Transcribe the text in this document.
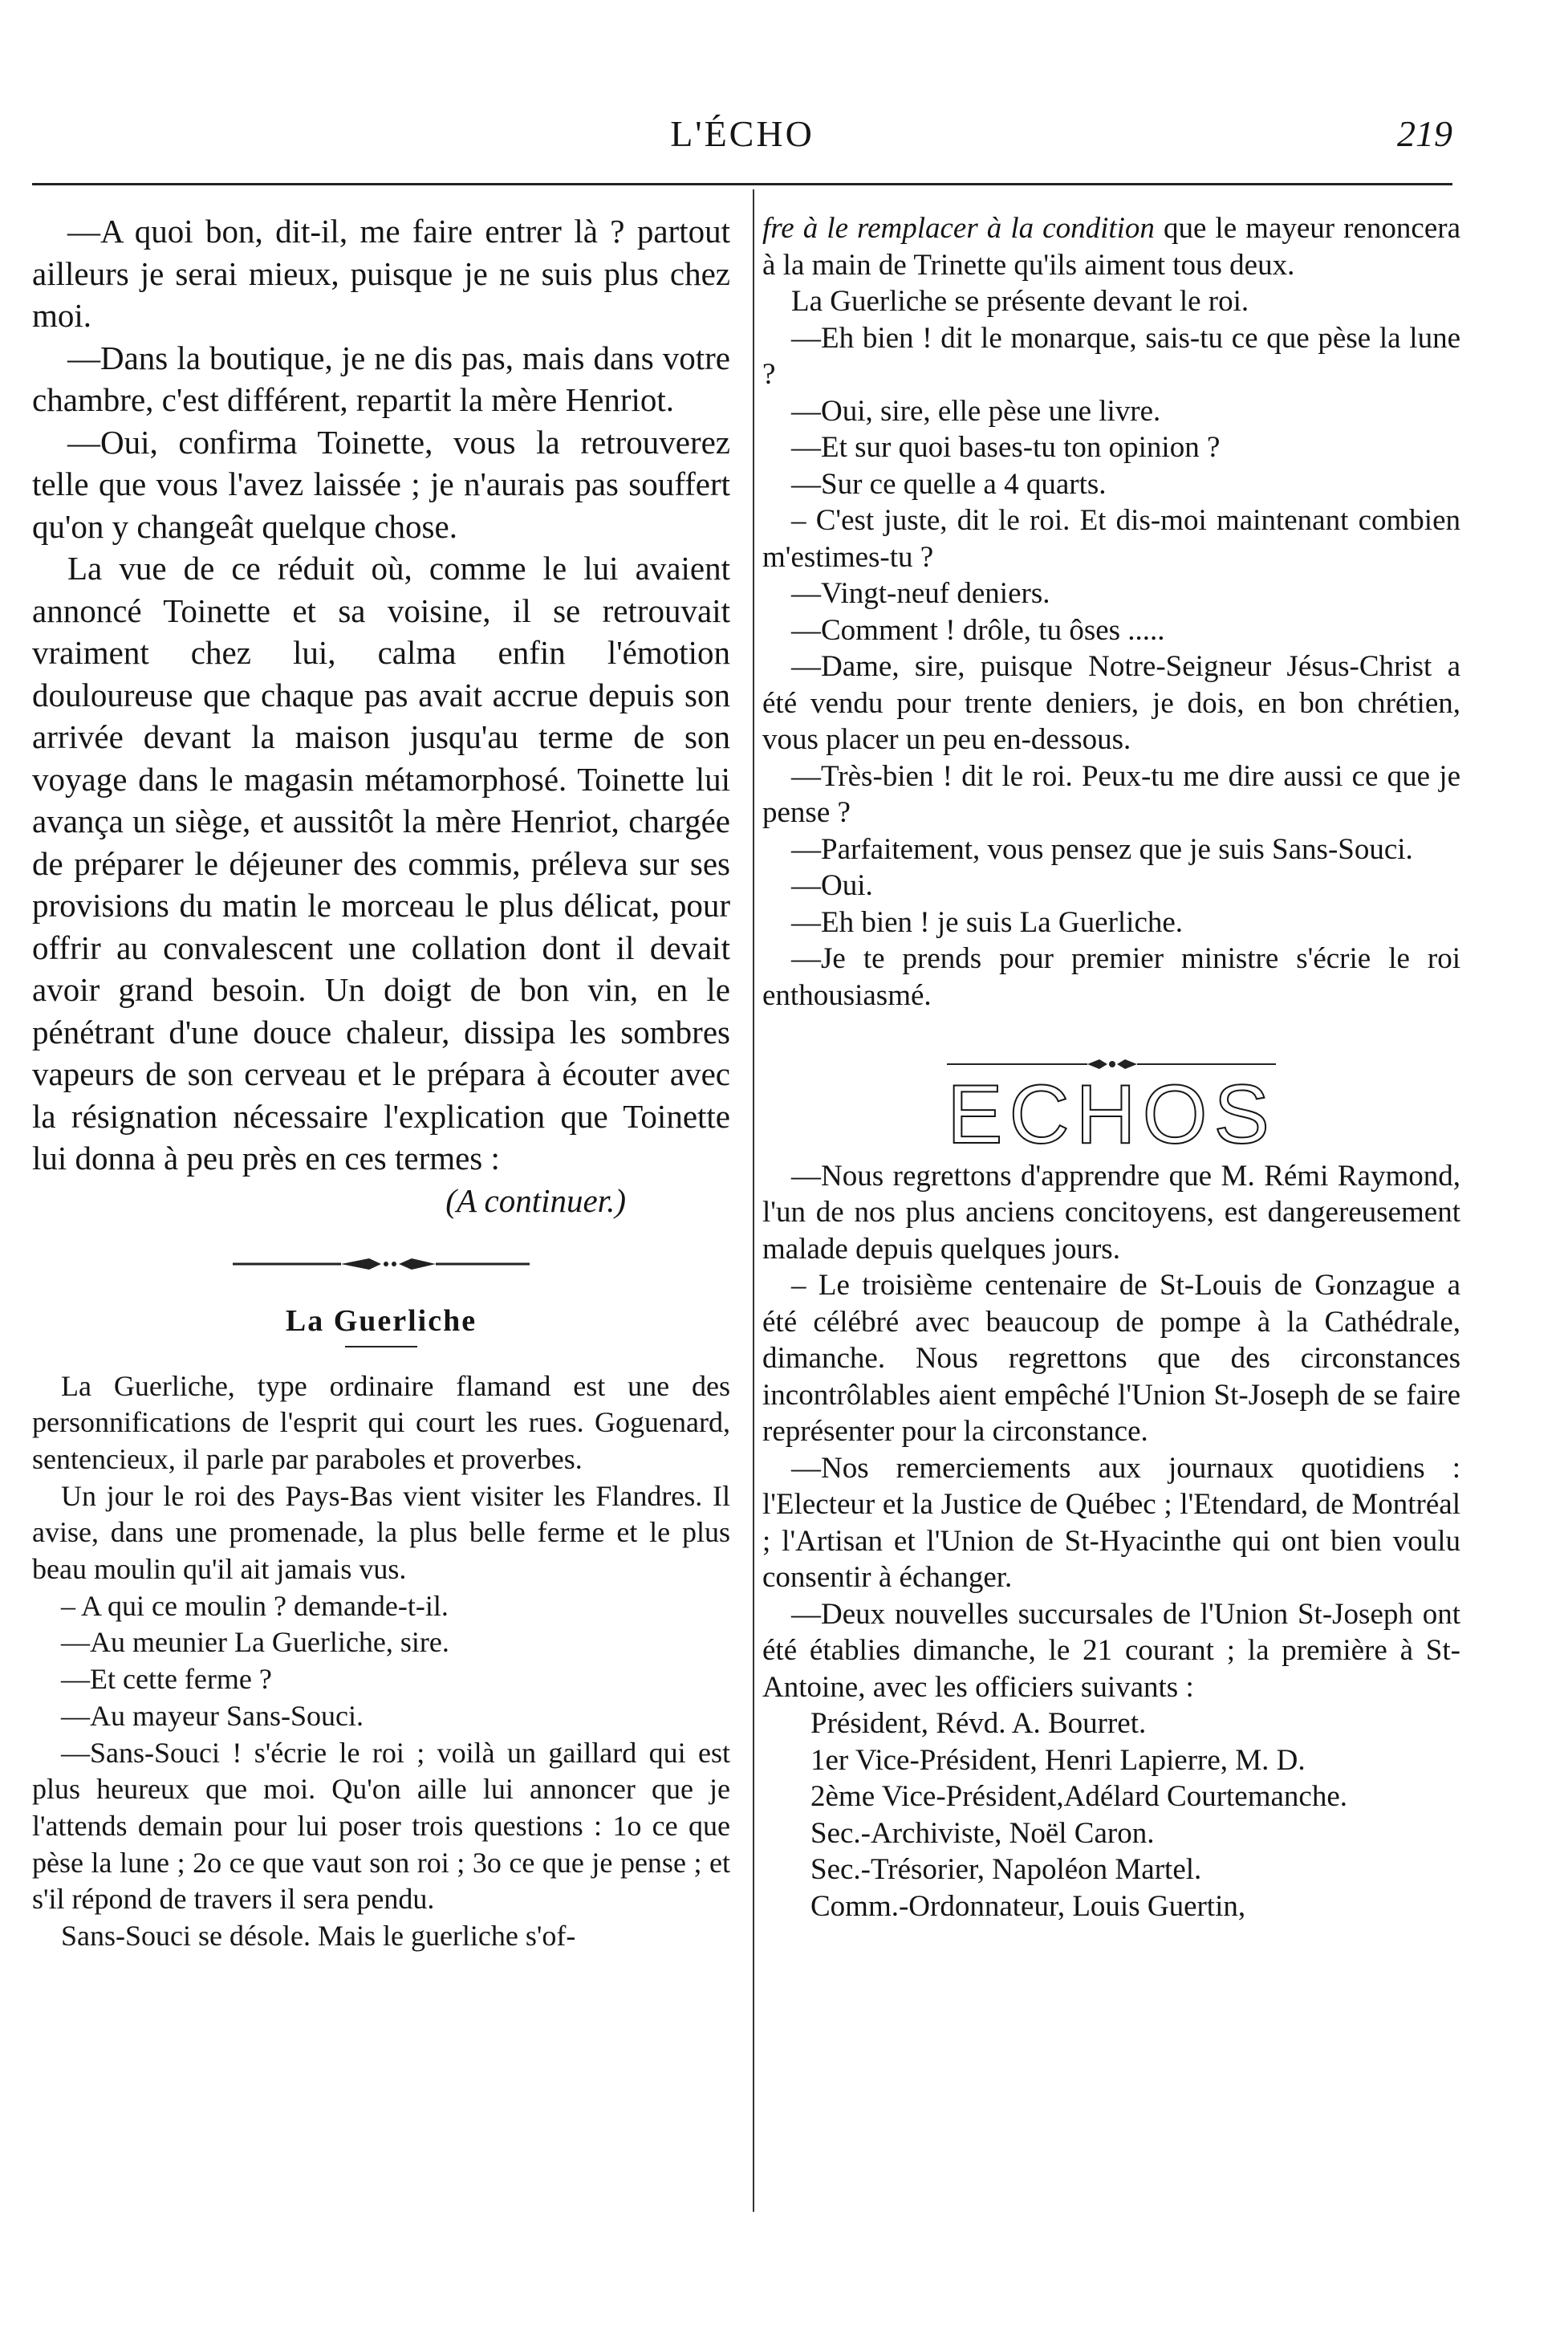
L'ÉCHO	219

—A quoi bon, dit-il, me faire entrer là ? partout ailleurs je serai mieux, puisque je ne suis plus chez moi.

—Dans la boutique, je ne dis pas, mais dans votre chambre, c'est différent, repartit la mère Henriot.

—Oui, confirma Toinette, vous la retrouverez telle que vous l'avez laissée ; je n'aurais pas souffert qu'on y changeât quelque chose.

La vue de ce réduit où, comme le lui avaient annoncé Toinette et sa voisine, il se retrouvait vraiment chez lui, calma enfin l'émotion douloureuse que chaque pas avait accrue depuis son arrivée devant la maison jusqu'au terme de son voyage dans le magasin métamorphosé. Toinette lui avança un siège, et aussitôt la mère Henriot, chargée de préparer le déjeuner des commis, préleva sur ses provisions du matin le morceau le plus délicat, pour offrir au convalescent une collation dont il devait avoir grand besoin. Un doigt de bon vin, en le pénétrant d'une douce chaleur, dissipa les sombres vapeurs de son cerveau et le prépara à écouter avec la résignation nécessaire l'explication que Toinette lui donna à peu près en ces termes :

(A continuer.)

La Guerliche

La Guerliche, type ordinaire flamand est une des personnifications de l'esprit qui court les rues. Goguenard, sentencieux, il parle par paraboles et proverbes.

Un jour le roi des Pays-Bas vient visiter les Flandres. Il avise, dans une promenade, la plus belle ferme et le plus beau moulin qu'il ait jamais vus.

– A qui ce moulin ? demande-t-il.

—Au meunier La Guerliche, sire.

—Et cette ferme ?

—Au mayeur Sans-Souci.

—Sans-Souci ! s'écrie le roi ; voilà un gaillard qui est plus heureux que moi. Qu'on aille lui annoncer que je l'attends demain pour lui poser trois questions : 1o ce que pèse la lune ; 2o ce que vaut son roi ; 3o ce que je pense ; et s'il répond de travers il sera pendu.

Sans-Souci se désole. Mais le guerliche s'of-

fre à le remplacer à la condition que le mayeur renoncera à la main de Trinette qu'ils aiment tous deux.

La Guerliche se présente devant le roi.

—Eh bien ! dit le monarque, sais-tu ce que pèse la lune ?

—Oui, sire, elle pèse une livre.

—Et sur quoi bases-tu ton opinion ?

—Sur ce quelle a 4 quarts.

– C'est juste, dit le roi. Et dis-moi maintenant combien m'estimes-tu ?

—Vingt-neuf deniers.

—Comment ! drôle, tu ôses .....

—Dame, sire, puisque Notre-Seigneur Jésus-Christ a été vendu pour trente deniers, je dois, en bon chrétien, vous placer un peu en-dessous.

—Très-bien ! dit le roi. Peux-tu me dire aussi ce que je pense ?

—Parfaitement, vous pensez que je suis Sans-Souci.

—Oui.

—Eh bien ! je suis La Guerliche.

—Je te prends pour premier ministre s'écrie le roi enthousiasmé.

ECHOS

—Nous regrettons d'apprendre que M. Rémi Raymond, l'un de nos plus anciens concitoyens, est dangereusement malade depuis quelques jours.

– Le troisième centenaire de St-Louis de Gonzague a été célébré avec beaucoup de pompe à la Cathédrale, dimanche. Nous regrettons que des circonstances incontrôlables aient empêché l'Union St-Joseph de se faire représenter pour la circonstance.

—Nos remerciements aux journaux quotidiens : l'Electeur et la Justice de Québec ; l'Etendard, de Montréal ; l'Artisan et l'Union de St-Hyacinthe qui ont bien voulu consentir à échanger.

—Deux nouvelles succursales de l'Union St-Joseph ont été établies dimanche, le 21 courant ; la première à St-Antoine, avec les officiers suivants :

Président, Révd. A. Bourret.

1er Vice-Président, Henri Lapierre, M. D.

2ème Vice-Président,Adélard Courtemanche.

Sec.-Archiviste, Noël Caron.

Sec.-Trésorier, Napoléon Martel.

Comm.-Ordonnateur, Louis Guertin,
